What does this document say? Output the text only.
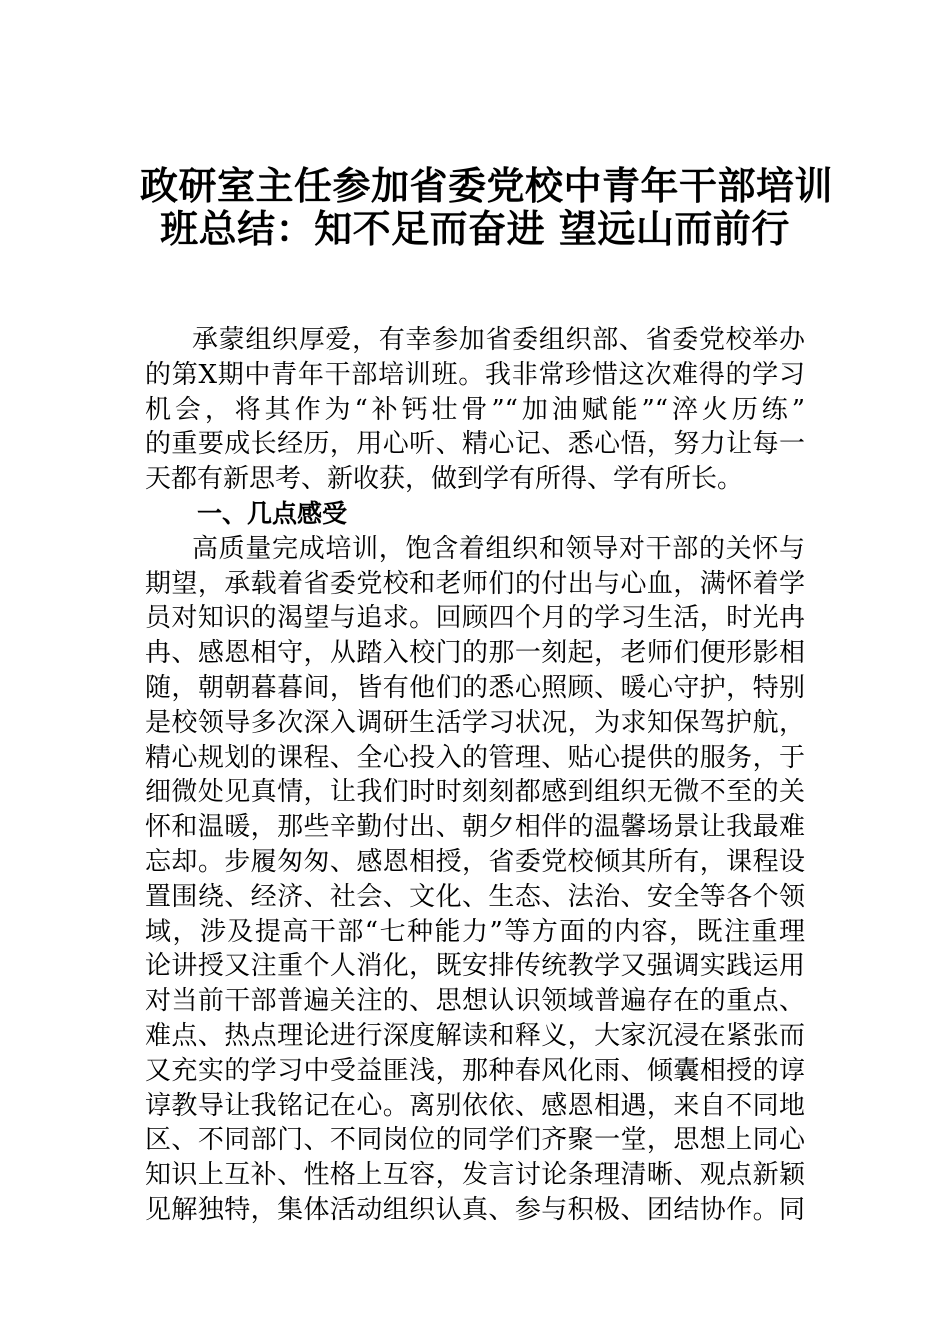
政研室主任参加省委党校中青年干部培训
班总结：知不足而奋进 望远山而前行
承蒙组织厚爱，有幸参加省委组织部、省委党校举办
的第X期中青年干部培训班。我非常珍惜这次难得的学习
机会，将其作为“补钙壮骨”“加油赋能”“淬火历练”
的重要成长经历，用心听、精心记、悉心悟，努力让每一
天都有新思考、新收获，做到学有所得、学有所长。
一、几点感受
高质量完成培训，饱含着组织和领导对干部的关怀与
期望，承载着省委党校和老师们的付出与心血，满怀着学
员对知识的渴望与追求。回顾四个月的学习生活，时光冉
冉、感恩相守，从踏入校门的那一刻起，老师们便形影相
随，朝朝暮暮间，皆有他们的悉心照顾、暖心守护，特别
是校领导多次深入调研生活学习状况，为求知保驾护航，
精心规划的课程、全心投入的管理、贴心提供的服务，于
细微处见真情，让我们时时刻刻都感到组织无微不至的关
怀和温暖，那些辛勤付出、朝夕相伴的温馨场景让我最难
忘却。步履匆匆、感恩相授，省委党校倾其所有，课程设
置围绕、经济、社会、文化、生态、法治、安全等各个领
域，涉及提高干部“七种能力”等方面的内容，既注重理
论讲授又注重个人消化，既安排传统教学又强调实践运用
对当前干部普遍关注的、思想认识领域普遍存在的重点、
难点、热点理论进行深度解读和释义，大家沉浸在紧张而
又充实的学习中受益匪浅，那种春风化雨、倾囊相授的谆
谆教导让我铭记在心。离别依依、感恩相遇，来自不同地
区、不同部门、不同岗位的同学们齐聚一堂，思想上同心
知识上互补、性格上互容，发言讨论条理清晰、观点新颖
见解独特，集体活动组织认真、参与积极、团结协作。同
